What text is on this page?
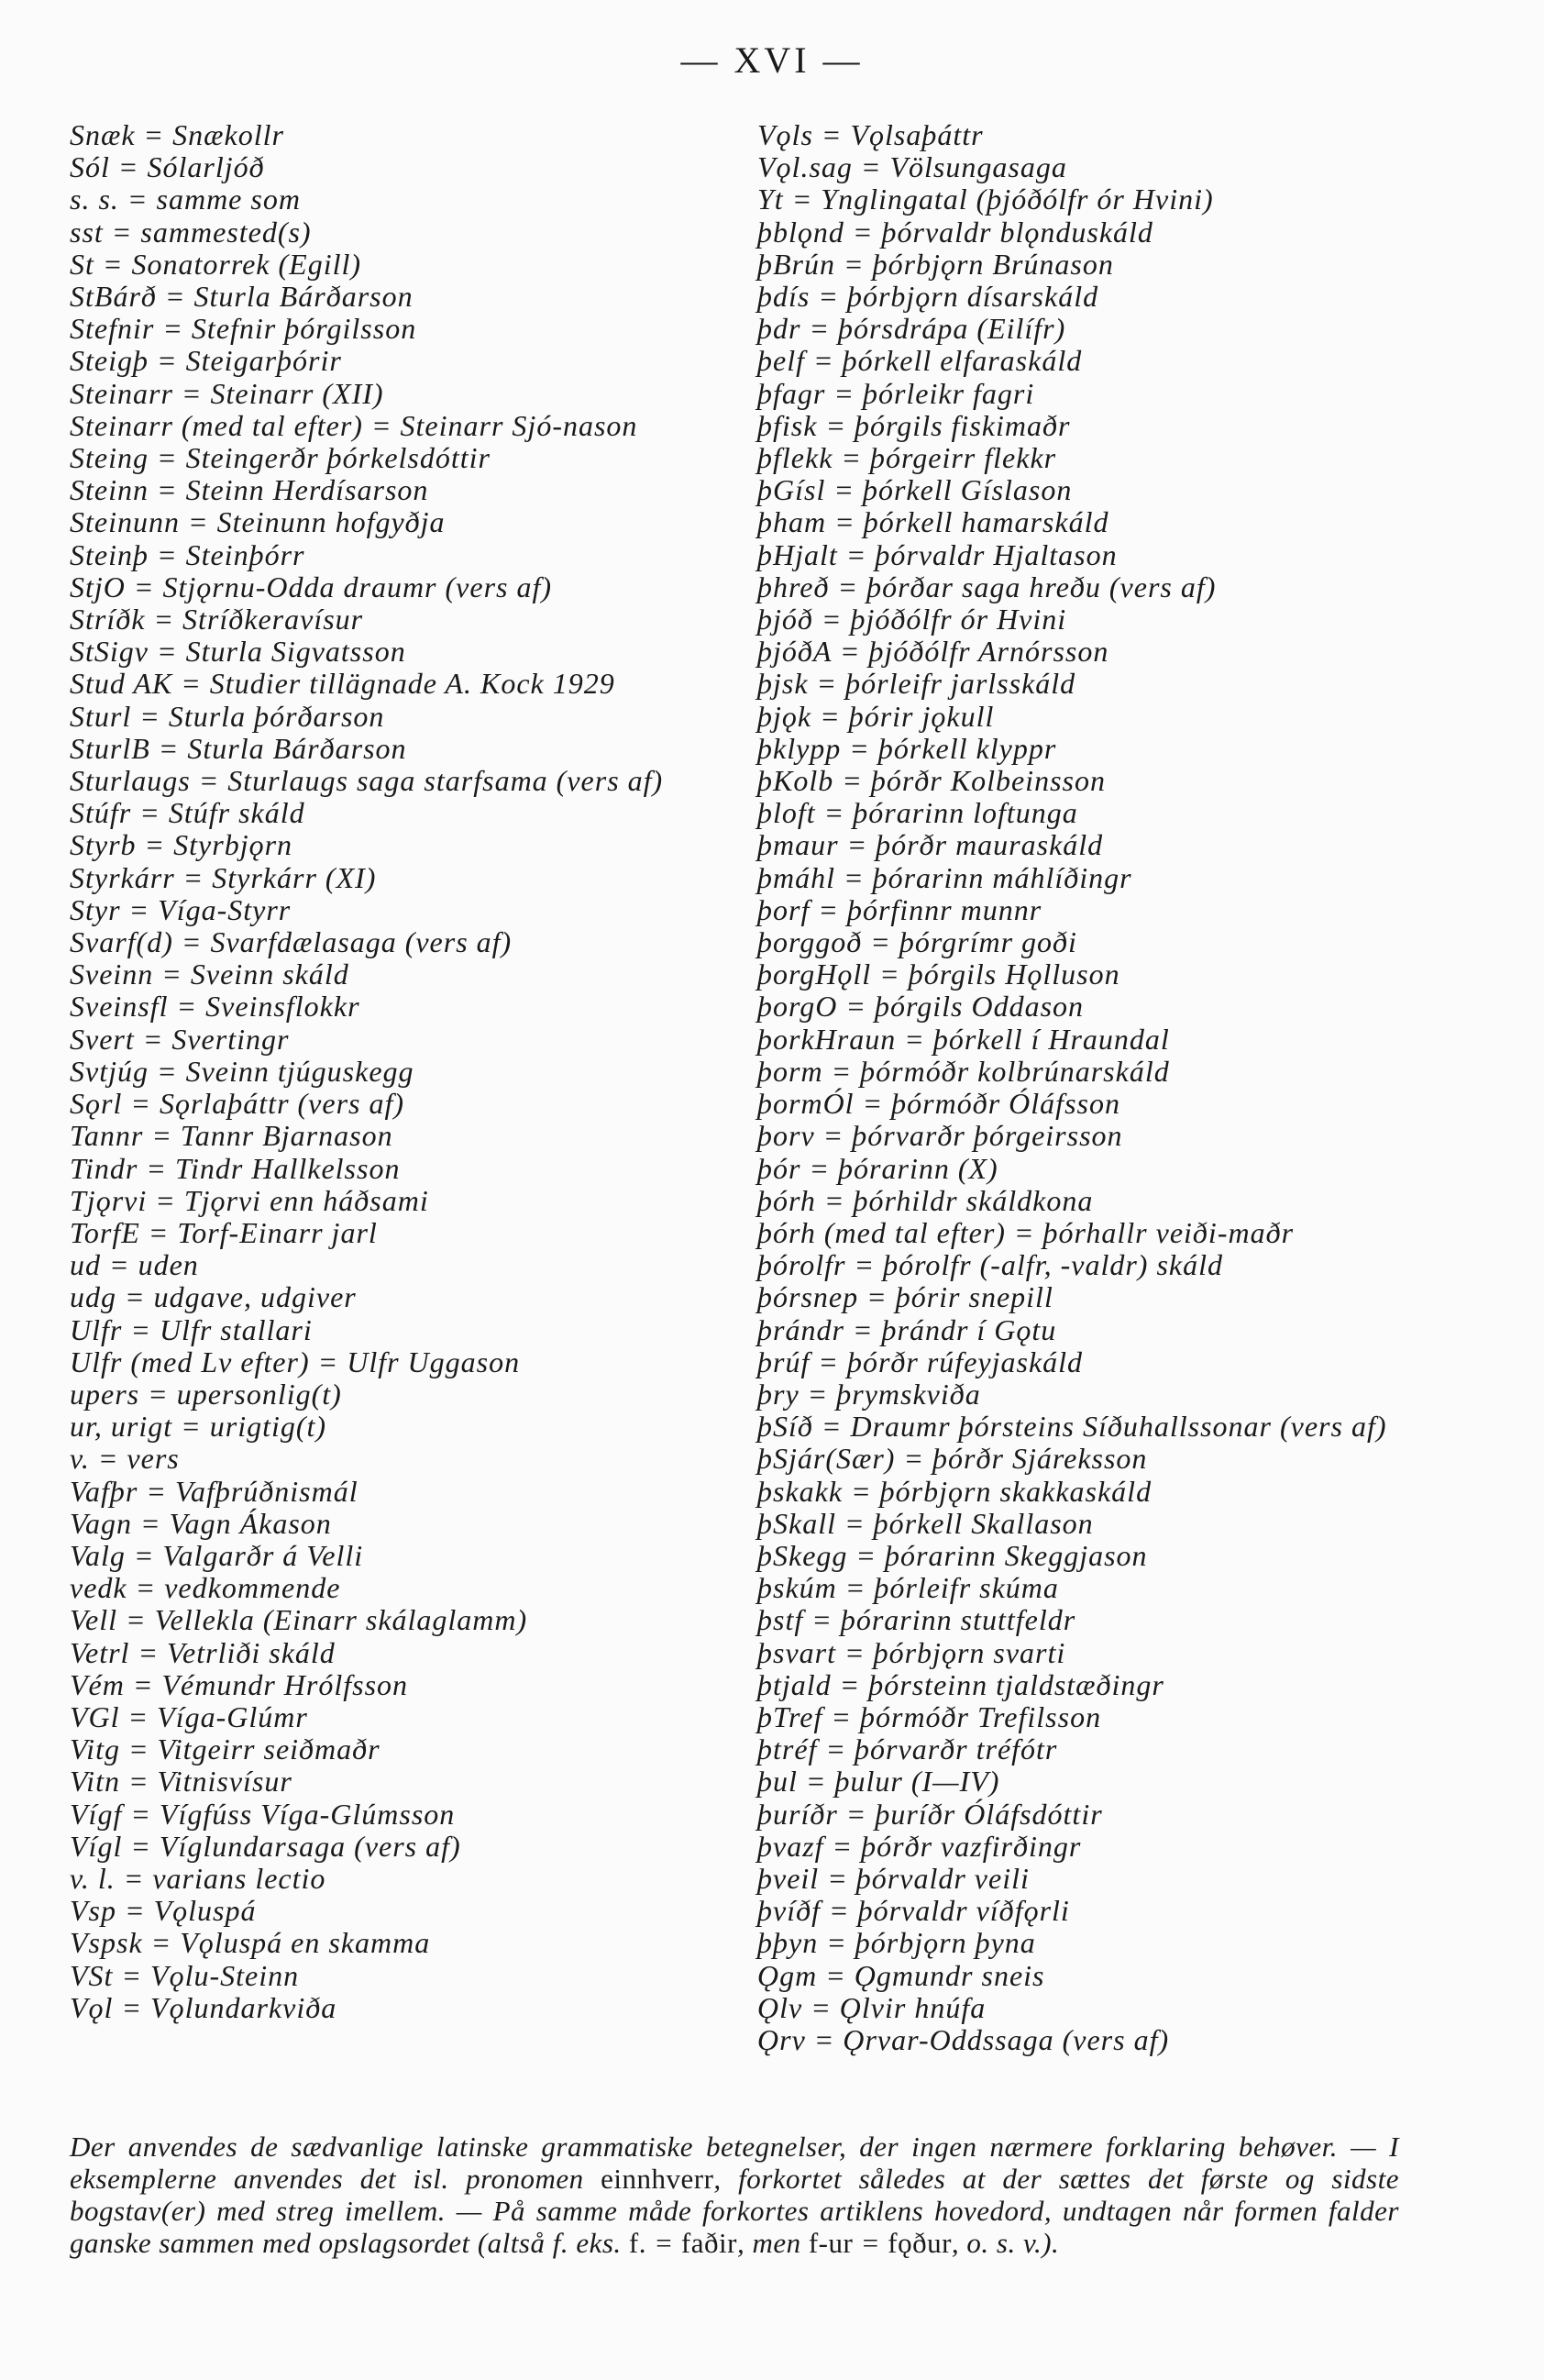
— XVI —
Snæk = Snækollr
Sól = Sólarljóð
s. s. = samme som
sst = sammested(s)
St = Sonatorrek (Egill)
StBárð = Sturla Bárðarson
Stefnir = Stefnir þórgilsson
Steigþ = Steigarþórir
Steinarr = Steinarr (XII)
Steinarr (med tal efter) = Steinarr Sjó-nason
Steing = Steingerðr þórkelsdóttir
Steinn = Steinn Herdísarson
Steinunn = Steinunn hofgyðja
Steinþ = Steinþórr
StjO = Stjǫrnu-Odda draumr (vers af)
Stríðk = Stríðkeravísur
StSigv = Sturla Sigvatsson
Stud AK = Studier tillägnade A. Kock 1929
Sturl = Sturla þórðarson
SturlB = Sturla Bárðarson
Sturlaugs = Sturlaugs saga starfsama (vers af)
Stúfr = Stúfr skáld
Styrb = Styrbjǫrn
Styrkárr = Styrkárr (XI)
Styr = Víga-Styrr
Svarf(d) = Svarfdælasaga (vers af)
Sveinn = Sveinn skáld
Sveinsfl = Sveinsflokkr
Svert = Svertingr
Svtjúg = Sveinn tjúguskegg
Sǫrl = Sǫrlaþáttr (vers af)
Tannr = Tannr Bjarnason
Tindr = Tindr Hallkelsson
Tjǫrvi = Tjǫrvi enn háðsami
TorfE = Torf-Einarr jarl
ud = uden
udg = udgave, udgiver
Ulfr = Ulfr stallari
Ulfr (med Lv efter) = Ulfr Uggason
upers = upersonlig(t)
ur, urigt = urigtig(t)
v. = vers
Vafþr = Vafþrúðnismál
Vagn = Vagn Ákason
Valg = Valgarðr á Velli
vedk = vedkommende
Vell = Vellekla (Einarr skálaglamm)
Vetrl = Vetrliði skáld
Vém = Vémundr Hrólfsson
VGl = Víga-Glúmr
Vitg = Vitgeirr seiðmaðr
Vitn = Vitnisvísur
Vígf = Vígfúss Víga-Glúmsson
Vígl = Víglundarsaga (vers af)
v. l. = varians lectio
Vsp = Vǫluspá
Vspsk = Vǫluspá en skamma
VSt = Vǫlu-Steinn
Vǫl = Vǫlundarkviða
Vǫls = Vǫlsaþáttr
Vǫl.sag = Völsungasaga
Yt = Ynglingatal (þjóðólfr ór Hvini)
þblǫnd = þórvaldr blǫnduskáld
þBrún = þórbjǫrn Brúnason
þdís = þórbjǫrn dísarskáld
þdr = þórsdrápa (Eilífr)
þelf = þórkell elfaraskáld
þfagr = þórleikr fagri
þfisk = þórgils fiskimaðr
þflekk = þórgeirr flekkr
þGísl = þórkell Gíslason
þham = þórkell hamarskáld
þHjalt = þórvaldr Hjaltason
þhreð = þórðar saga hreðu (vers af)
þjóð = þjóðólfr ór Hvini
þjóðA = þjóðólfr Arnórsson
þjsk = þórleifr jarlsskáld
þjǫk = þórir jǫkull
þklypp = þórkell klyppr
þKolb = þórðr Kolbeinsson
þloft = þórarinn loftunga
þmaur = þórðr mauraskáld
þmáhl = þórarinn máhlíðingr
þorf = þórfinnr munnr
þorggoð = þórgrímr goði
þorgHǫll = þórgils Hǫlluson
þorgO = þórgils Oddason
þorkHraun = þórkell í Hraundal
þorm = þórmóðr kolbrúnarskáld
þormÓl = þórmóðr Óláfsson
þorv = þórvarðr þórgeirsson
þór = þórarinn (X)
þórh = þórhildr skáldkona
þórh (med tal efter) = þórhallr veiði-maðr
þórolfr = þórolfr (-alfr, -valdr) skáld
þórsnep = þórir snepill
þrándr = þrándr í Gǫtu
þrúf = þórðr rúfeyjaskáld
þry = þrymskviða
þSíð = Draumr þórsteins Síðuhallssonar (vers af)
þSjár(Sær) = þórðr Sjáreksson
þskakk = þórbjǫrn skakkaskáld
þSkall = þórkell Skallason
þSkegg = þórarinn Skeggjason
þskúm = þórleifr skúma
þstf = þórarinn stuttfeldr
þsvart = þórbjǫrn svarti
þtjald = þórsteinn tjaldstæðingr
þTref = þórmóðr Trefilsson
þtréf = þórvarðr tréfótr
þul = þulur (I—IV)
þuríðr = þuríðr Óláfsdóttir
þvazf = þórðr vazfirðingr
þveil = þórvaldr veili
þvíðf = þórvaldr víðfǫrli
þþyn = þórbjǫrn þyna
Ǫgm = Ǫgmundr sneis
Ǫlv = Ǫlvir hnúfa
Ǫrv = Ǫrvar-Oddssaga (vers af)
Der anvendes de sædvanlige latinske grammatiske betegnelser, der ingen nærmere forklaring behøver. — I eksemplerne anvendes det isl. pronomen einnhverr, forkortet således at der sættes det første og sidste bogstav(er) med streg imellem. — På samme måde forkortes artiklens hovedord, undtagen når formen falder ganske sammen med opslagsordet (altså f. eks. f. = faðir, men f-ur = fǫður, o. s. v.).
